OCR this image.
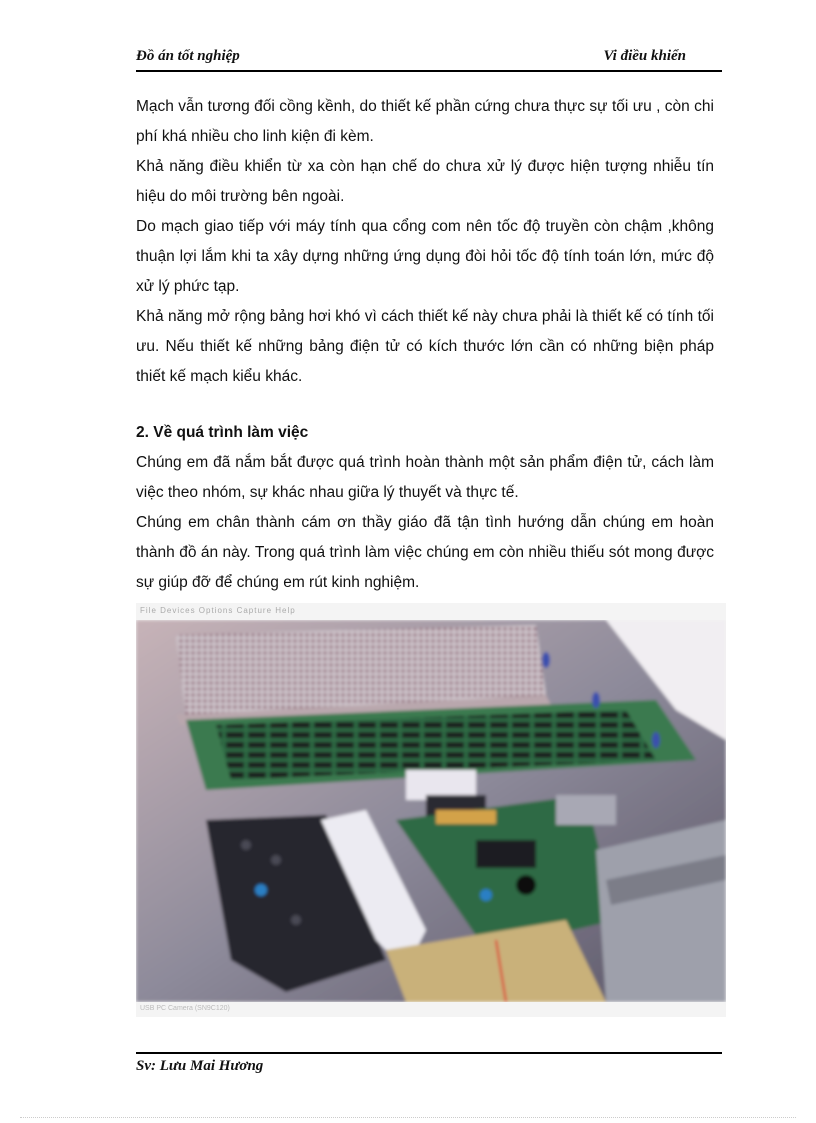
Đồ án tốt nghiệp	Vi điều khiển

Mạch vẫn tương đối cồng kềnh, do thiết kế phần cứng chưa thực sự tối ưu , còn chi phí khá nhiều cho linh kiện đi kèm.

Khả năng điều khiển từ xa còn hạn chế do chưa xử lý được hiện tượng nhiễu tín hiệu do môi trường bên ngoài.

Do mạch giao tiếp với máy tính qua cổng com nên tốc độ truyền còn chậm ,không thuận lợi lắm khi ta xây dựng những ứng dụng đòi hỏi tốc độ tính toán lớn, mức độ xử lý phức tạp.

Khả năng mở rộng bảng hơi khó vì cách thiết kế này chưa phải là thiết kế có tính tối ưu. Nếu thiết kế những bảng điện tử có kích thước lớn cần có những biện pháp thiết kế mạch kiểu khác.

2. Về quá trình làm việc

Chúng em đã nắm bắt được quá trình hoàn thành một sản phẩm điện tử, cách làm việc theo nhóm, sự khác nhau giữa lý thuyết và thực tế.

Chúng em chân thành cám ơn thầy giáo đã tận tình hướng dẫn chúng em hoàn thành đồ án này. Trong quá trình làm việc chúng em còn nhiều thiếu sót mong được sự giúp đỡ để chúng em rút kinh nghiệm.

File Devices Options Capture Help
USB PC Camera (SN9C120)
Sv: Lưu Mai Hương
